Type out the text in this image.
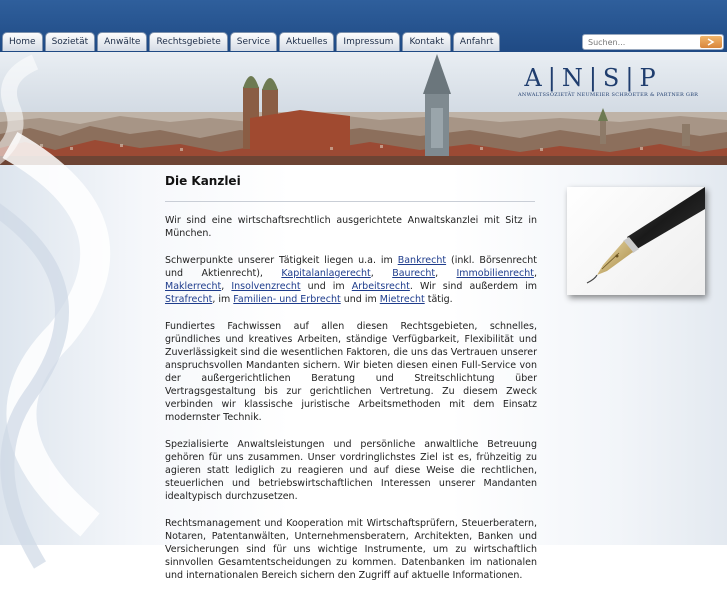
Home	Sozietät	Anwälte	Rechtsgebiete	Service	Aktuelles	Impressum	Kontakt	Anfahrt
Suchen...
A|N|S|P
ANWALTSSOZIETÄT NEUMEIER SCHROETER & PARTNER GBR
Die Kanzlei

Wir sind eine wirtschaftsrechtlich ausgerichtete Anwaltskanzlei mit Sitz in München.

Schwerpunkte unserer Tätigkeit liegen u.a. im Bankrecht (inkl. Börsenrecht und Aktienrecht), Kapitalanlagerecht, Baurecht, Immobilienrecht, Maklerrecht, Insolvenzrecht und im Arbeitsrecht. Wir sind außerdem im Strafrecht, im Familien- und Erbrecht und im Mietrecht tätig.

Fundiertes Fachwissen auf allen diesen Rechtsgebieten, schnelles, gründliches und kreatives Arbeiten, ständige Verfügbarkeit, Flexibilität und Zuverlässigkeit sind die wesentlichen Faktoren, die uns das Vertrauen unserer anspruchsvollen Mandanten sichern. Wir bieten diesen einen Full-Service von der außergerichtlichen Beratung und Streitschlichtung über Vertragsgestaltung bis zur gerichtlichen Vertretung. Zu diesem Zweck verbinden wir klassische juristische Arbeitsmethoden mit dem Einsatz modernster Technik.

Spezialisierte Anwaltsleistungen und persönliche anwaltliche Betreuung gehören für uns zusammen. Unser vordringlichstes Ziel ist es, frühzeitig zu agieren statt lediglich zu reagieren und auf diese Weise die rechtlichen, steuerlichen und betriebswirtschaftlichen Interessen unserer Mandanten idealtypisch durchzusetzen.

Rechtsmanagement und Kooperation mit Wirtschaftsprüfern, Steuerberatern, Notaren, Patentanwälten, Unternehmensberatern, Architekten, Banken und Versicherungen sind für uns wichtige Instrumente, um zu wirtschaftlich sinnvollen Gesamtentscheidungen zu kommen. Datenbanken im nationalen und internationalen Bereich sichern den Zugriff auf aktuelle Informationen.
